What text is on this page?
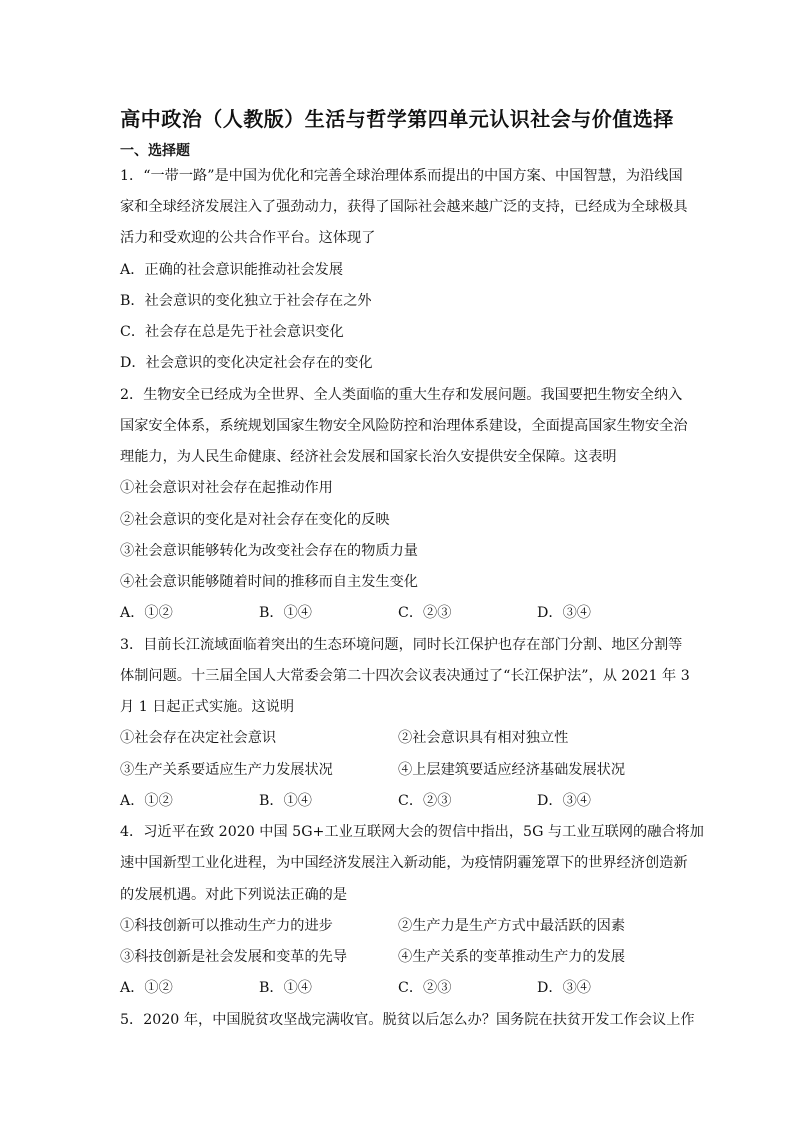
高中政治（人教版）生活与哲学第四单元认识社会与价值选择
一、选择题
1．“一带一路”是中国为优化和完善全球治理体系而提出的中国方案、中国智慧，为沿线国
家和全球经济发展注入了强劲动力，获得了国际社会越来越广泛的支持，已经成为全球极具
活力和受欢迎的公共合作平台。这体现了
A．正确的社会意识能推动社会发展
B．社会意识的变化独立于社会存在之外
C．社会存在总是先于社会意识变化
D．社会意识的变化决定社会存在的变化
2．生物安全已经成为全世界、全人类面临的重大生存和发展问题。我国要把生物安全纳入
国家安全体系，系统规划国家生物安全风险防控和治理体系建设，全面提高国家生物安全治
理能力，为人民生命健康、经济社会发展和国家长治久安提供安全保障。这表明
①社会意识对社会存在起推动作用
②社会意识的变化是对社会存在变化的反映
③社会意识能够转化为改变社会存在的物质力量
④社会意识能够随着时间的推移而自主发生变化
A．①②	B．①④	C．②③	D．③④
3．目前长江流域面临着突出的生态环境问题，同时长江保护也存在部门分割、地区分割等
体制问题。十三届全国人大常委会第二十四次会议表决通过了“长江保护法”，从 2021 年 3
月 1 日起正式实施。这说明
①社会存在决定社会意识	②社会意识具有相对独立性
③生产关系要适应生产力发展状况	④上层建筑要适应经济基础发展状况
A．①②	B．①④	C．②③	D．③④
4．习近平在致 2020 中国 5G+工业互联网大会的贺信中指出，5G 与工业互联网的融合将加
速中国新型工业化进程，为中国经济发展注入新动能，为疫情阴霾笼罩下的世界经济创造新
的发展机遇。对此下列说法正确的是
①科技创新可以推动生产力的进步	②生产力是生产方式中最活跃的因素
③科技创新是社会发展和变革的先导	④生产关系的变革推动生产力的发展
A．①②	B．①④	C．②③	D．③④
5．2020 年，中国脱贫攻坚战完满收官。脱贫以后怎么办？国务院在扶贫开发工作会议上作
